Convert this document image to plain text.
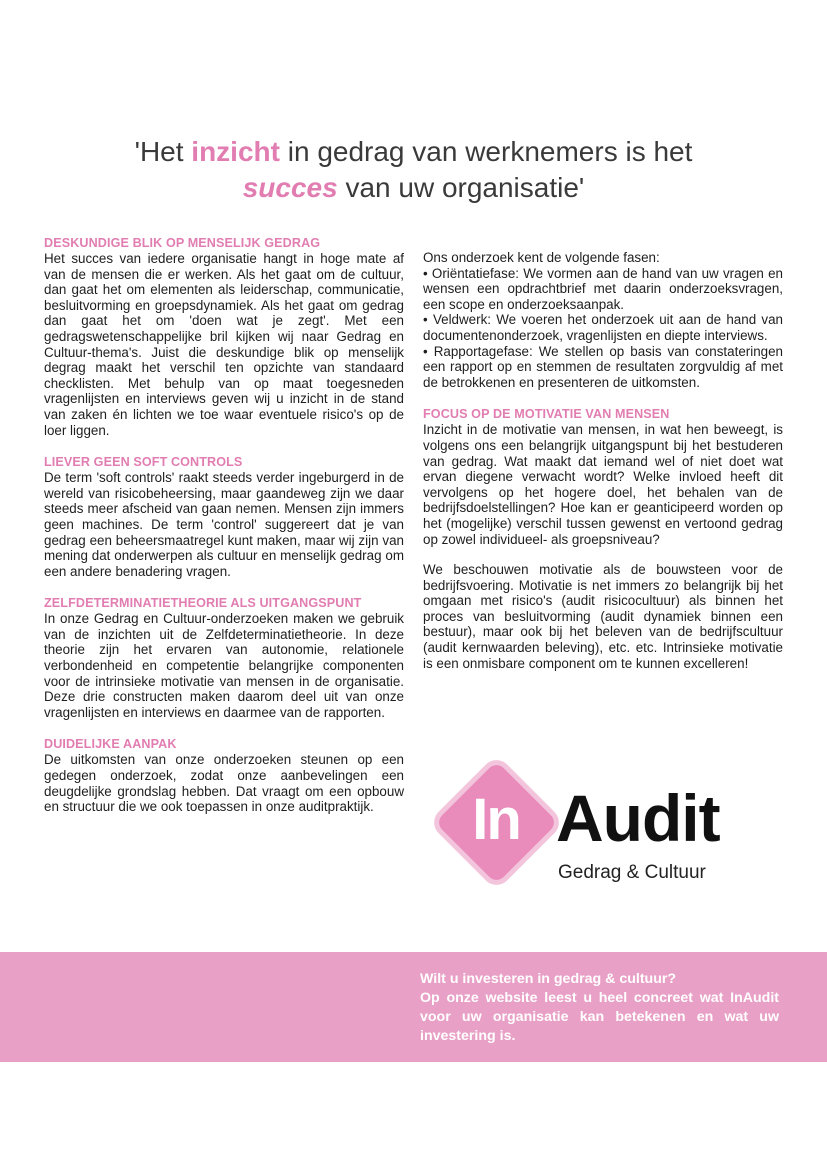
'Het inzicht in gedrag van werknemers is het
succes van uw organisatie'
DESKUNDIGE BLIK OP MENSELIJK GEDRAG
Het succes van iedere organisatie hangt in hoge mate af van de mensen die er werken. Als het gaat om de cultuur, dan gaat het om elementen als leiderschap, communicatie, besluitvorming en groepsdynamiek. Als het gaat om gedrag dan gaat het om 'doen wat je zegt'. Met een gedragswetenschappelijke bril kijken wij naar Gedrag en Cultuur-thema's. Juist die deskundige blik op menselijk degrag maakt het verschil ten opzichte van standaard checklisten. Met behulp van op maat toegesneden vragenlijsten en interviews geven wij u inzicht in de stand van zaken én lichten we toe waar eventuele risico's op de loer liggen.
LIEVER GEEN SOFT CONTROLS
De term 'soft controls' raakt steeds verder ingeburgerd in de wereld van risicobeheersing, maar gaandeweg zijn we daar steeds meer afscheid van gaan nemen. Mensen zijn immers geen machines. De term 'control' suggereert dat je van gedrag een beheersmaatregel kunt maken, maar wij zijn van mening dat onderwerpen als cultuur en menselijk gedrag om een andere benadering vragen.
ZELFDETERMINATIETHEORIE ALS UITGANGSPUNT
In onze Gedrag en Cultuur-onderzoeken maken we gebruik van de inzichten uit de Zelfdeterminatietheorie. In deze theorie zijn het ervaren van autonomie, relationele verbondenheid en competentie belangrijke componenten voor de intrinsieke motivatie van mensen in de organisatie. Deze drie constructen maken daarom deel uit van onze vragenlijsten en interviews en daarmee van de rapporten.
DUIDELIJKE AANPAK
De uitkomsten van onze onderzoeken steunen op een gedegen onderzoek, zodat onze aanbevelingen een deugdelijke grondslag hebben. Dat vraagt om een opbouw en structuur die we ook toepassen in onze auditpraktijk.
Ons onderzoek kent de volgende fasen:
• Oriëntatiefase: We vormen aan de hand van uw vragen en wensen een opdrachtbrief met daarin onderzoeksvragen, een scope en onderzoeksaanpak.
• Veldwerk: We voeren het onderzoek uit aan de hand van documentenonderzoek, vragenlijsten en diepte interviews.
• Rapportagefase: We stellen op basis van constateringen een rapport op en stemmen de resultaten zorgvuldig af met de betrokkenen en presenteren de uitkomsten.
FOCUS OP DE MOTIVATIE VAN MENSEN
Inzicht in de motivatie van mensen, in wat hen beweegt, is volgens ons een belangrijk uitgangspunt bij het bestuderen van gedrag. Wat maakt dat iemand wel of niet doet wat ervan diegene verwacht wordt? Welke invloed heeft dit vervolgens op het hogere doel, het behalen van de bedrijfsdoelstellingen? Hoe kan er geanticipeerd worden op het (mogelijke) verschil tussen gewenst en vertoond gedrag op zowel individueel- als groepsniveau?
We beschouwen motivatie als de bouwsteen voor de bedrijfsvoering. Motivatie is net immers zo belangrijk bij het omgaan met risico's (audit risicocultuur) als binnen het proces van besluitvorming (audit dynamiek binnen een bestuur), maar ook bij het beleven van de bedrijfscultuur (audit kernwaarden beleving), etc. etc. Intrinsieke motivatie is een onmisbare component om te kunnen excelleren!
In Audit
Gedrag & Cultuur
Wilt u investeren in gedrag & cultuur?
Op onze website leest u heel concreet wat InAudit voor uw organisatie kan betekenen en wat uw investering is.
